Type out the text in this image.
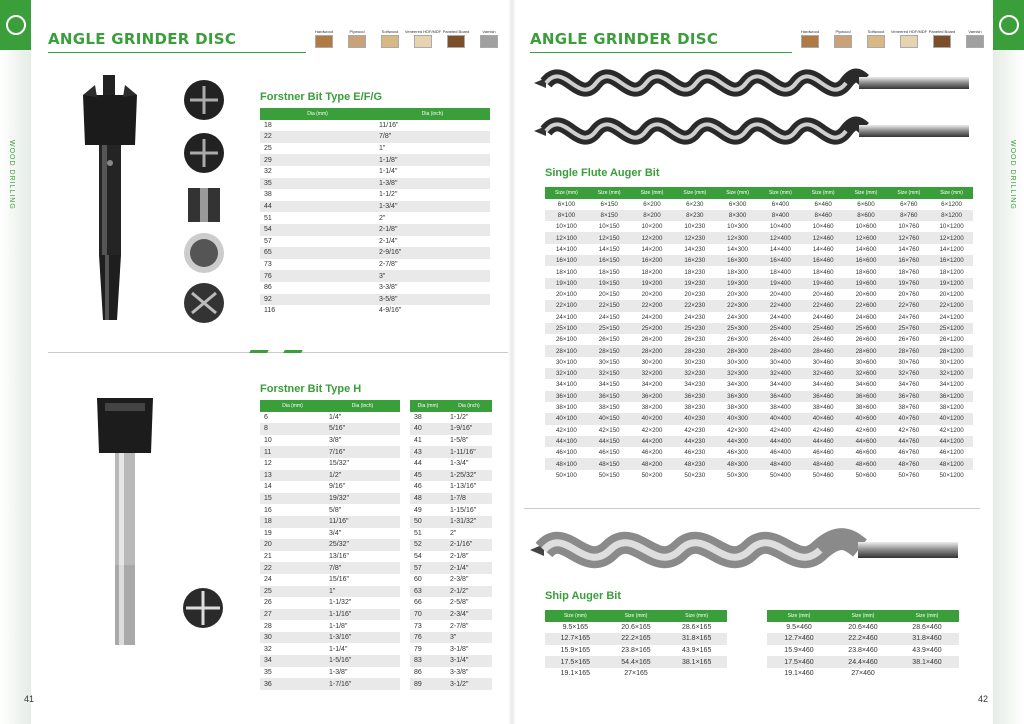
WOOD DRILLING
ANGLE GRINDER DISC	Hardwood	Plywood	Softwood Veneered HDF/MDF Paneled Board	Varnish
Forstner Bit Type E/F/G
Dia (mm)	Dia (inch)
18	11/16"
22	7/8"
25	1"
29	1-1/8"
32	1-1/4"
35	1-3/8"
38	1-1/2"
44	1-3/4"
51	2"
54	2-1/8"
57	2-1/4"
65	2-9/16"
73	2-7/8"
76	3"
86	3-3/8"
92	3-5/8"
116	4-9/16"
Forstner Bit Type H
Dia (mm)	Dia (inch)
6	1/4"
8	5/16"
10	3/8"
11	7/16"
12	15/32"
13	1/2"
14	9/16"
15	19/32"
16	5/8"
18	11/16"
19	3/4"
20	25/32"
21	13/16"
22	7/8"
24	15/16"
25	1"
26	1-1/32"
27	1-1/16"
28	1-1/8"
30	1-3/16"
32	1-1/4"
34	1-5/16"
35	1-3/8"
36	1-7/16"
Dia (mm)	Dia (inch)
38	1-1/2"
40	1-9/16"
41	1-5/8"
43	1-11/16"
44	1-3/4"
45	1-25/32"
46	1-13/16"
48	1-7/8
49	1-15/16"
50	1-31/32"
51	2"
52	2-1/16"
54	2-1/8"
57	2-1/4"
60	2-3/8"
63	2-1/2"
66	2-5/8"
70	2-3/4"
73	2-7/8"
76	3"
79	3-1/8"
83	3-1/4"
86	3-3/8"
89	3-1/2"
41
WOOD DRILLING
ANGLE GRINDER DISC	Hardwood	Plywood	Softwood Veneered HDF/MDF Paneled Board	Varnish
Single Flute Auger Bit
Size (mm)	Size (mm)	Size (mm)	Size (mm)	Size (mm)	Size (mm)	Size (mm)	Size (mm)	Size (mm)	Size (mm)
6×100	6×150	6×200	6×230	6×300	6×400	6×460	6×600	6×760	6×1200
8×100	8×150	8×200	8×230	8×300	8×400	8×460	8×600	8×760	8×1200
10×100	10×150	10×200	10×230	10×300	10×400	10×460	10×600	10×760	10×1200
12×100	12×150	12×200	12×230	12×300	12×400	12×460	12×600	12×760	12×1200
14×100	14×150	14×200	14×230	14×300	14×400	14×460	14×600	14×760	14×1200
16×100	16×150	16×200	16×230	16×300	16×400	16×460	16×600	16×760	16×1200
18×100	18×150	18×200	18×230	18×300	18×400	18×460	18×600	18×760	18×1200
19×100	19×150	19×200	19×230	19×300	19×400	19×460	19×600	19×760	19×1200
20×100	20×150	20×200	20×230	20×300	20×400	20×460	20×600	20×760	20×1200
22×100	22×150	22×200	22×230	22×300	22×400	22×460	22×600	22×760	22×1200
24×100	24×150	24×200	24×230	24×300	24×400	24×460	24×600	24×760	24×1200
25×100	25×150	25×200	25×230	25×300	25×400	25×460	25×600	25×760	25×1200
26×100	26×150	26×200	26×230	26×300	26×400	26×460	26×600	26×760	26×1200
28×100	28×150	28×200	28×230	28×300	28×400	28×460	28×600	28×760	28×1200
30×100	30×150	30×200	30×230	30×300	30×400	30×460	30×600	30×760	30×1200
32×100	32×150	32×200	32×230	32×300	32×400	32×460	32×600	32×760	32×1200
34×100	34×150	34×200	34×230	34×300	34×400	34×460	34×600	34×760	34×1200
36×100	36×150	36×200	36×230	36×300	36×400	36×460	36×600	36×760	36×1200
38×100	38×150	38×200	38×230	38×300	38×400	38×460	38×600	38×760	38×1200
40×100	40×150	40×200	40×230	40×300	40×400	40×460	40×600	40×760	40×1200
42×100	42×150	42×200	42×230	42×300	42×400	42×460	42×600	42×760	42×1200
44×100	44×150	44×200	44×230	44×300	44×400	44×460	44×600	44×760	44×1200
46×100	46×150	46×200	46×230	46×300	46×400	46×460	46×600	46×760	46×1200
48×100	48×150	48×200	48×230	48×300	48×400	48×460	48×600	48×760	48×1200
50×100	50×150	50×200	50×230	50×300	50×400	50×460	50×600	50×760	50×1200
Ship Auger Bit
Size (mm)	Size (mm)	Size (mm)
9.5×165	20.6×165	28.6×165
12.7×165	22.2×165	31.8×165
15.9×165	23.8×165	43.9×165
17.5×165	54.4×165	38.1×165
19.1×165	27×165	
Size (mm)	Size (mm)	Size (mm)
9.5×460	20.6×460	28.6×460
12.7×460	22.2×460	31.8×460
15.9×460	23.8×460	43.9×460
17.5×460	24.4×460	38.1×460
19.1×460	27×460	
42
